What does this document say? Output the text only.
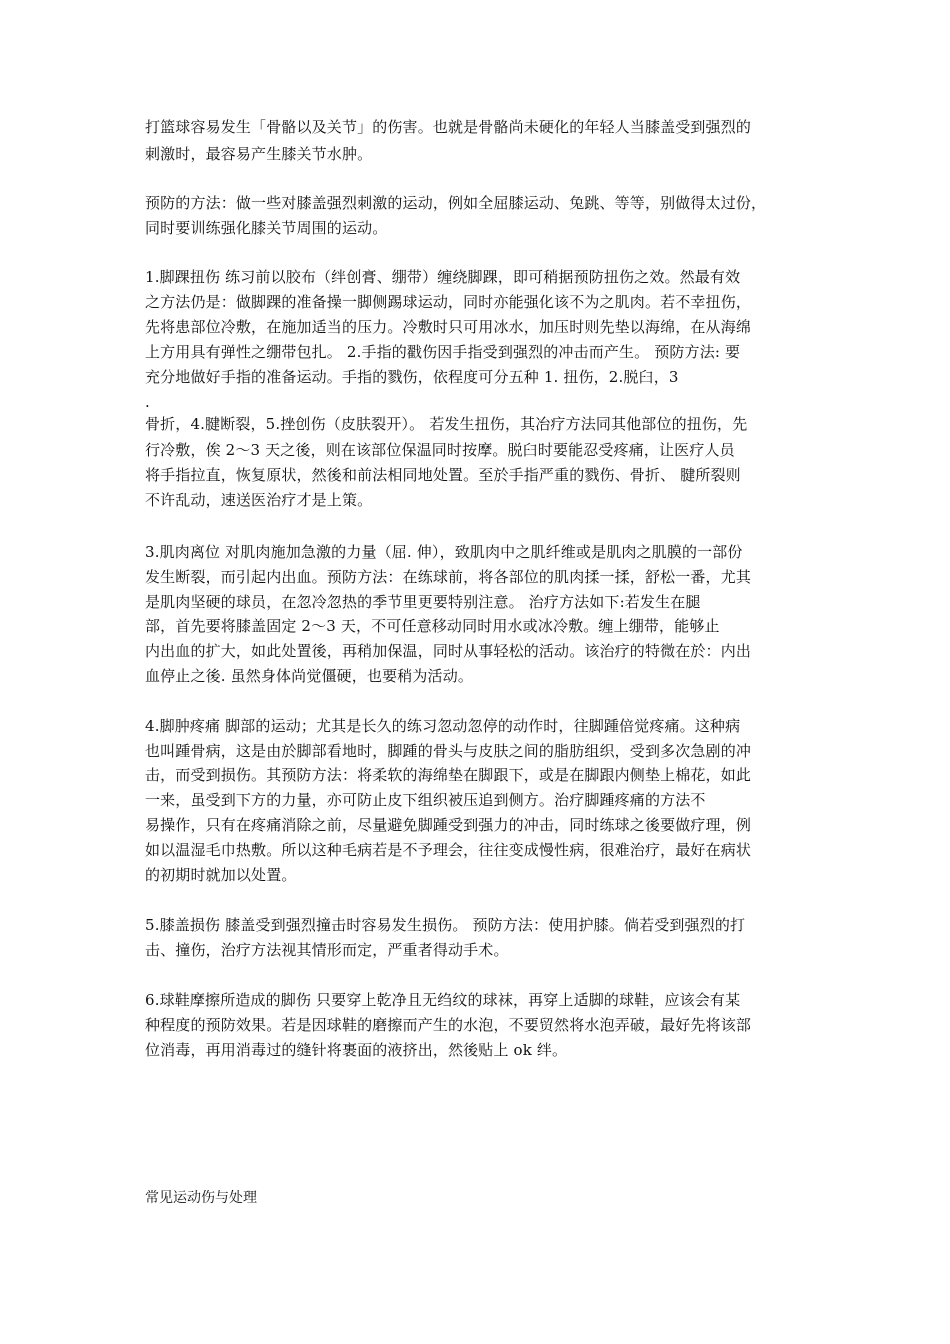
打篮球容易发生「骨骼以及关节」的伤害。也就是骨骼尚未硬化的年轻人当膝盖受到强烈的
刺激时，最容易产生膝关节水肿。
预防的方法：做一些对膝盖强烈刺激的运动，例如全屈膝运动、兔跳、等等，别做得太过份，
同时要训练强化膝关节周围的运动。
1.脚踝扭伤 练习前以胶布（绊创膏、绷带）缠绕脚踝，即可稍据预防扭伤之效。然最有效
之方法仍是：做脚踝的准备操一脚侧踢球运动，同时亦能强化该不为之肌肉。若不幸扭伤，
先将患部位冷敷，在施加适当的压力。冷敷时只可用冰水，加压时则先垫以海绵，在从海绵
上方用具有弹性之绷带包扎。 2.手指的戳伤因手指受到强烈的冲击而产生。 预防方法: 要
充分地做好手指的准备运动。手指的戮伤，依程度可分五种 1. 扭伤，2.脱臼，3
.
骨折，4.腱断裂，5.挫创伤（皮肤裂开）。 若发生扭伤，其冶疗方法同其他部位的扭伤，先
行冷敷，俟 2～3 天之後，则在该部位保温同时按摩。脱臼时要能忍受疼痛，让医疗人员
将手指拉直，恢复原状，然後和前法相同地处置。至於手指严重的戮伤、骨折、 腱所裂则
不许乱动，速送医治疗才是上策。
3.肌肉离位 对肌肉施加急激的力量（屈. 伸），致肌肉中之肌纤维或是肌肉之肌膜的一部份
发生断裂，而引起内出血。预防方法：在练球前，将各部位的肌肉揉一揉，舒松一番，尤其
是肌肉坚硬的球员，在忽冷忽热的季节里更要特别注意。 治疗方法如下:若发生在腿
部，首先要将膝盖固定 2～3 天，不可任意移动同时用水或冰冷敷。缠上绷带，能够止
内出血的扩大，如此处置後，再稍加保温，同时从事轻松的活动。该治疗的特微在於：内出
血停止之後. 虽然身体尚觉僵硬，也要稍为活动。
4.脚肿疼痛 脚部的运动；尤其是长久的练习忽动忽停的动作时，往脚踵倍觉疼痛。这种病
也叫踵骨病，这是由於脚部看地时，脚踵的骨头与皮肤之间的脂肪组织，受到多次急剧的冲
击，而受到损伤。其预防方法：将柔软的海绵垫在脚跟下，或是在脚跟内侧垫上棉花，如此
一来，虽受到下方的力量，亦可防止皮下组织被压追到侧方。治疗脚踵疼痛的方法不
易操作，只有在疼痛消除之前，尽量避免脚踵受到强力的冲击，同时练球之後要做疗理，例
如以温湿毛巾热敷。所以这种毛病若是不予理会，往往变成慢性病，很难治疗，最好在病状
的初期时就加以处置。
5.膝盖损伤 膝盖受到强烈撞击时容易发生损伤。 预防方法：使用护膝。倘若受到强烈的打
击、撞伤，治疗方法视其情形而定，严重者得动手术。
6.球鞋摩擦所造成的脚伤 只要穿上乾净且无绉纹的球袜，再穿上适脚的球鞋，应该会有某
种程度的预防效果。若是因球鞋的磨擦而产生的水泡，不要贸然将水泡弄破，最好先将该部
位消毒，再用消毒过的缝针将裹面的液挤出，然後贴上 ok 绊。
常见运动伤与处理
